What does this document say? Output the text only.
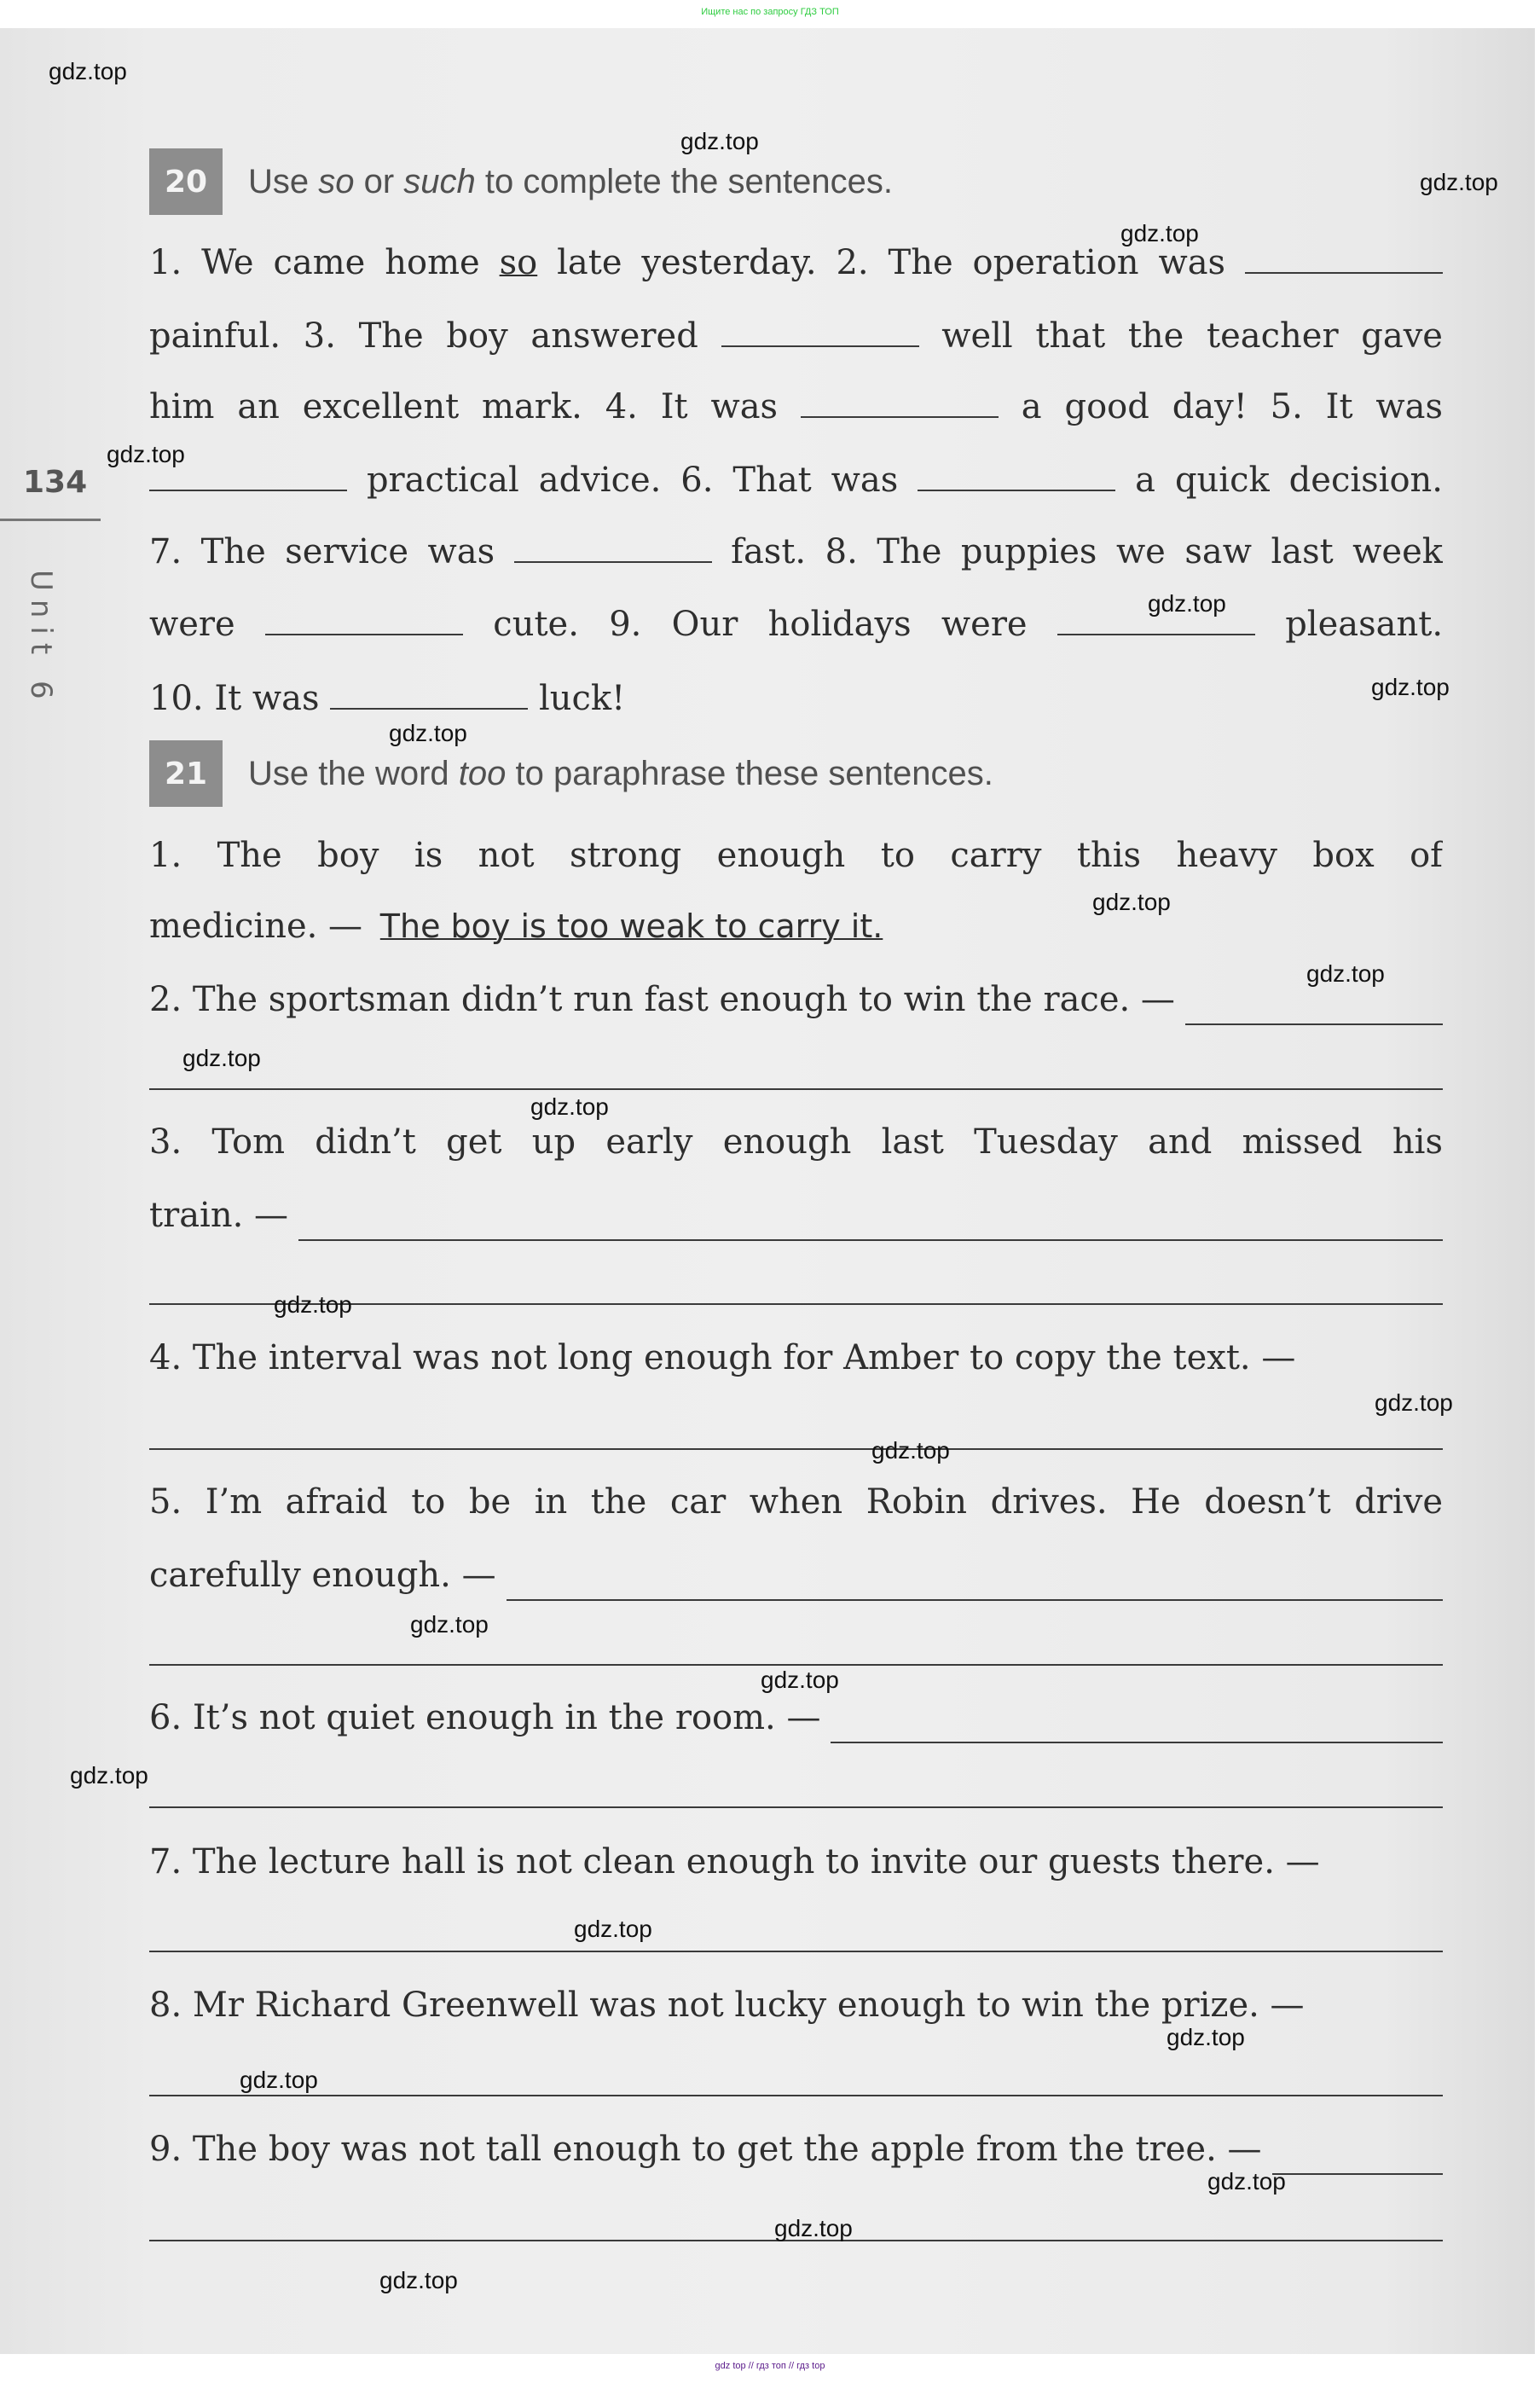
Ищите нас по запросу ГДЗ ТОП
134
Unit 6
20	Use so or such to complete the sentences.
1. We came home so late yesterday. 2. The operation was
painful. 3. The boy answered	well that the teacher gave
him an excellent mark. 4. It was	a good day! 5. It was
practical advice. 6. That was	a quick decision.
7. The service was	fast. 8. The puppies we saw last week
were	cute. 9. Our holidays were	pleasant.
10. It was	luck!
21	Use the word too to paraphrase these sentences.
1. The boy is not strong enough to carry this heavy box of
medicine. — The boy is too weak to carry it.
2. The sportsman didn’t run fast enough to win the race. —
3. Tom didn’t get up early enough last Tuesday and missed his
train. —
4. The interval was not long enough for Amber to copy the text. —
5. I’m afraid to be in the car when Robin drives. He doesn’t drive
carefully enough. —
6. It’s not quiet enough in the room. —
7. The lecture hall is not clean enough to invite our guests there. —
8. Mr Richard Greenwell was not lucky enough to win the prize. —
9. The boy was not tall enough to get the apple from the tree. —
gdz.top
gdz.top
gdz.top
gdz.top
gdz.top
gdz.top
gdz.top
gdz.top
gdz.top
gdz.top
gdz.top
gdz.top
gdz.top
gdz.top
gdz.top
gdz.top
gdz.top
gdz.top
gdz.top
gdz.top
gdz.top
gdz.top
gdz.top
gdz.top
gdz top // гдз топ // гдз top
